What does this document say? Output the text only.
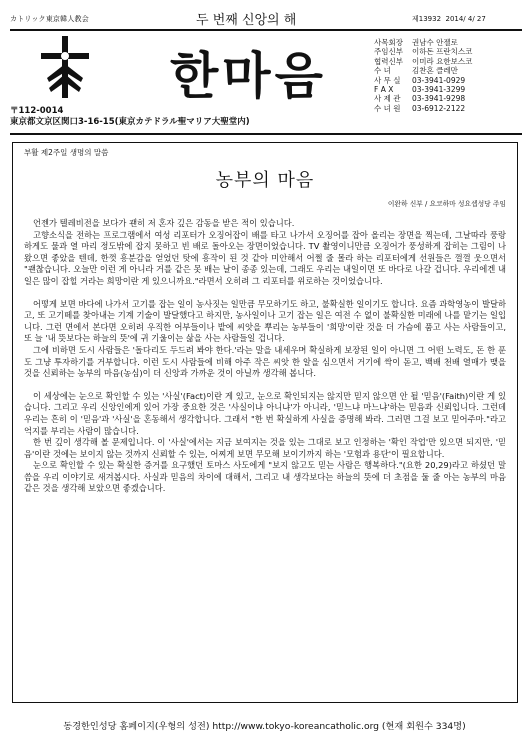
カトリック東京韓人教会	두 번째 신앙의 해	제13932 2014/ 4/ 27
한마음
〒112-0014
東京都文京区関口3-16-15(東京カテドラル聖マリア大聖堂内)
사목회장	권남수 안젤로
주임신부	이하돈 프란치스코
협력신부	이미라 요한보스코
수 녀	김찬혼 클레만
사 무 실	03-3941-0929
F A X	03-3941-3299
사 제 관	03-3941-9298
수 녀 원	03-6912-2122
부활 제2주일 생명의 말씀
농부의 마음
이완하 신부 / 요코하마 성요셉성당 주임

언젠가 텔레비전을 보다가 괜히 저 혼자 깊은 감동을 받은 적이 있습니다.

고향소식을 전하는 프로그램에서 여성 리포터가 오징어잡이 배를 타고 나가서 오징어를 잡아 올리는 장면을 찍는데, 그날따라 풍랑하게도 물과 열 마리 정도밖에 잡지 못하고 빈 배로 돌아오는 장면이었습니다. TV 촬영이니만큼 오징어가 풍성하게 잡히는 그림이 나왔으면 좋았을 텐데, 한껏 흥분감을 얻었던 탓에 흥작이 된 것 같아 미안해서 어쩔 줄 몰라 하는 리포터에게 선원들은 껄껄 웃으면서 "괜찮습니다. 오늘만 이런 게 아니라 거를 같은 못 배는 날이 종종 있는데, 그래도 우리는 내일이면 또 바다로 나갈 겁니다. 우리에겐 내일은 많이 잡힐 거라는 희망이란 게 있으니까요."라면서 오히려 그 리포터를 위로하는 것이었습니다.

어떻게 보면 바다에 나가서 고기를 잡는 일이 농사짓는 일만큼 무모하기도 하고, 불확실한 일이기도 합니다. 요즘 과학영농이 발달하고, 또 고기떼를 찾아내는 기계 기술이 발달했다고 하지만, 농사일이나 고기 잡는 일은 여전 수 없이 불확실한 미래에 나를 맡기는 일입니다. 그런 면에서 본다면 오히려 우직한 어부들이나 밭에 씨앗을 뿌리는 농부들이 '희망'이란 것을 더 가슴에 품고 사는 사람들이고, 또 늘 '내 뜻보다는 하늘의 뜻'에 귀 기울이는 삶을 사는 사람들일 겁니다.

그에 비하면 도시 사람들은 '돌다리도 두드려 봐야 한다.'라는 말을 내세우며 확실하게 보장된 일이 아니면 그 어떤 노력도, 돈 한 푼도 그냥 투자하기를 거부합니다. 이런 도시 사람들에 비해 아주 작은 씨앗 한 알을 심으면서 거기에 싹이 돋고, 백배 천배 열매가 맺을 것을 신뢰하는 농부의 마음(농심)이 더 신앙과 가까운 것이 아닐까 생각해 봅니다.

이 세상에는 눈으로 확인할 수 있는 '사실'(Fact)이란 게 있고, 눈으로 확인되지는 않지만 믿지 않으면 안 될 '믿음'(Faith)이란 게 있습니다. 그리고 우리 신앙인에게 있어 가장 중요한 것은 '사실이냐 아니냐'가 아니라, '믿느냐 마느냐'하는 믿음과 신뢰입니다. 그런데 우리는 흔히 이 '믿음'과 '사실'을 혼동해서 생각합니다. 그래서 "한 번 확실하게 사실을 증명해 봐라. 그러면 그걸 보고 믿어주마."라고 억지를 부리는 사람이 많습니다.

한 번 깊이 생각해 볼 문제입니다. 이 '사실'에서는 지금 보여지는 것을 있는 그대로 보고 인정하는 '확인 작업'만 있으면 되지만, '믿음'이란 것에는 보이지 않는 것까지 신뢰할 수 있는, 어찌게 보면 무모해 보이기까지 하는 '모험과 용단'이 필요합니다.

눈으로 확인할 수 있는 확실한 증거를 요구했던 토마스 사도에게 "보지 않고도 믿는 사람은 행복하다."(요한 20,29)라고 하셨던 말씀을 우리 이야기로 새겨봅시다. 사실과 믿음의 차이에 대해서, 그리고 내 생각보다는 하늘의 뜻에 더 초점을 둘 줄 아는 농부의 마음 같은 것을 생각해 보았으면 좋겠습니다.

동경한인성당 홈페이지(우형의 성전) http://www.tokyo-koreancatholic.org (현재 회원수 334명)
